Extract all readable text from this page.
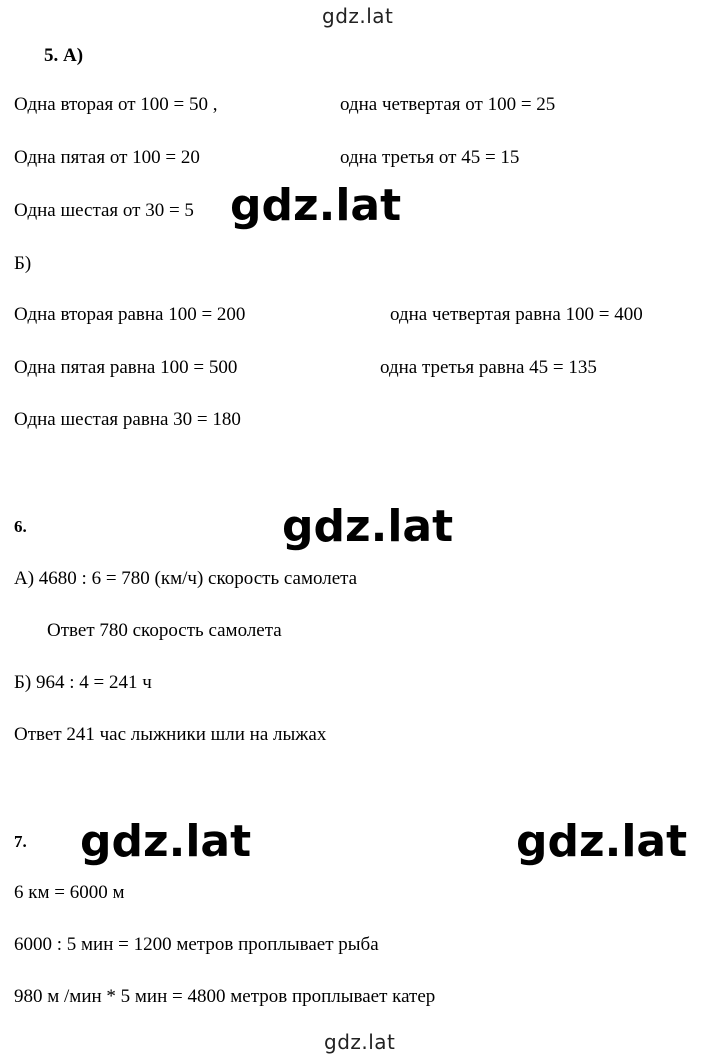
gdz.lat
5. А)
Одна вторая от 100 = 50 ,	одна четвертая от 100 = 25
Одна пятая от 100 = 20	одна третья от 45 = 15
Одна шестая от 30 = 5 gdz.lat
Б)
Одна вторая равна 100 = 200	одна четвертая равна 100 = 400
Одна пятая равна 100 = 500	одна третья равна 45 = 135
Одна шестая равна 30 = 180
6.	gdz.lat
А) 4680 : 6 = 780 (км/ч) скорость самолета
Ответ 780 скорость самолета
Б) 964 : 4 = 241 ч
Ответ 241 час лыжники шли на лыжах
7. gdz.lat	gdz.lat
6 км = 6000 м
6000 : 5 мин = 1200 метров проплывает рыба
980 м /мин * 5 мин = 4800 метров проплывает катер
gdz.lat
